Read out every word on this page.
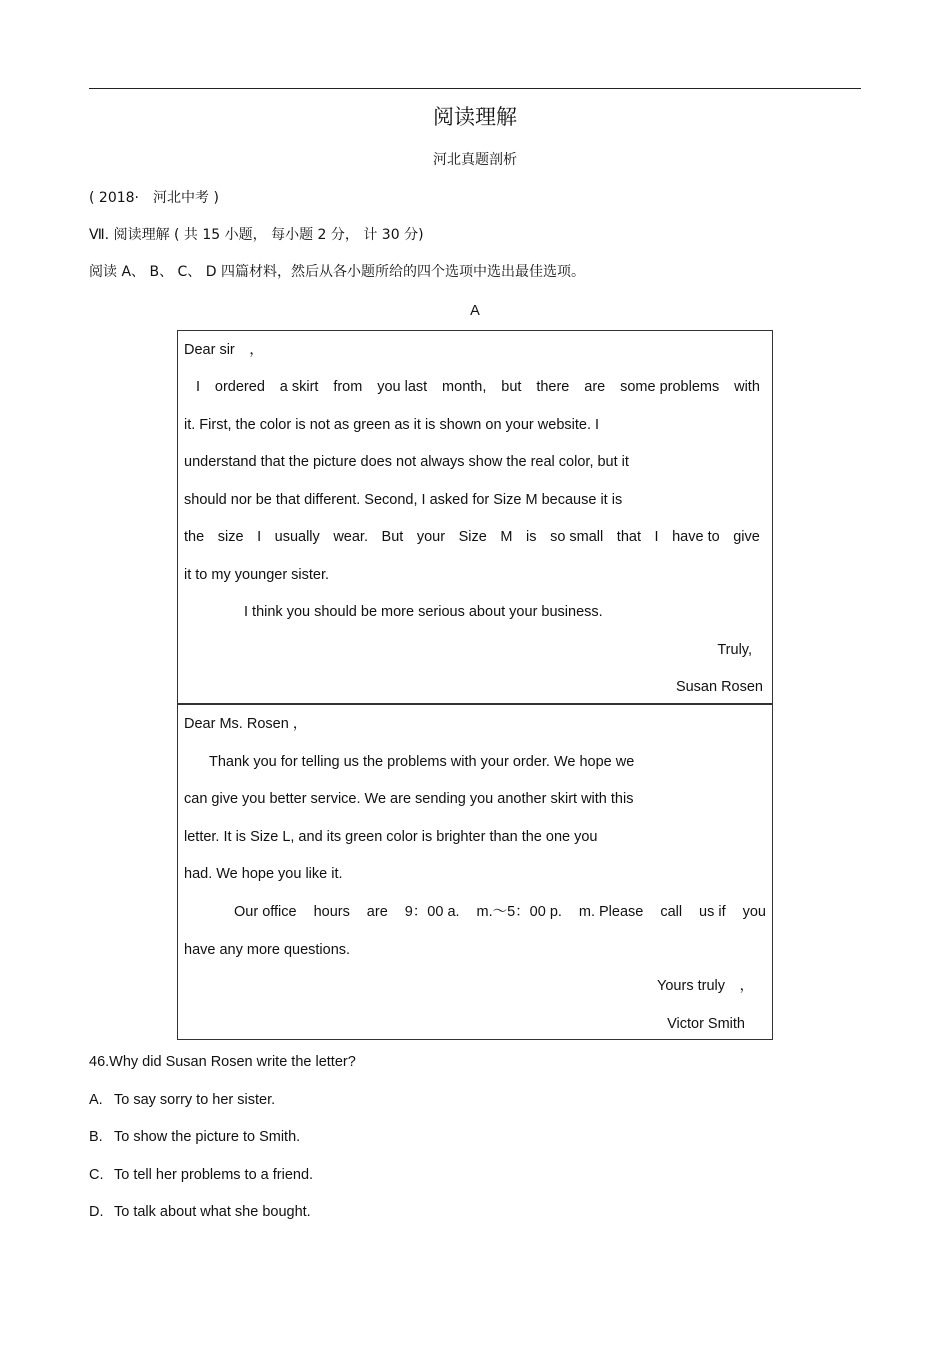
阅读理解
河北真题剖析
( 2018·　河北中考 )
Ⅶ. 阅读理解 ( 共 15 小题， 每小题 2 分， 计 30 分)
阅读 A、 B、 C、 D 四篇材料，然后从各小题所给的四个选项中选出最佳选项。
A
Dear sir　，
I ordered a skirt from you last month, but there are some problems with
it. First, the color is not as green as it is shown on your website. I
understand that the picture does not always show the real color, but it
should nor be that different. Second, I asked for Size M because it is
the size I usually wear. But your Size M is so small that I have to give
it to my younger sister.
I think you should be more serious about your business.
Truly,
Susan Rosen
Dear Ms. Rosen ，
Thank you for telling us the problems with your order. We hope we
can give you better service. We are sending you another skirt with this
letter. It is Size L, and its green color is brighter than the one you
had. We hope you like it.
Our office hours are 9：00 a. m.～5：00 p. m. Please call us if you
have any more questions.
Yours truly　，
Victor Smith
46.Why did Susan Rosen write the letter?
A. To say sorry to her sister.
B. To show the picture to Smith.
C. To tell her problems to a friend.
D. To talk about what she bought.
